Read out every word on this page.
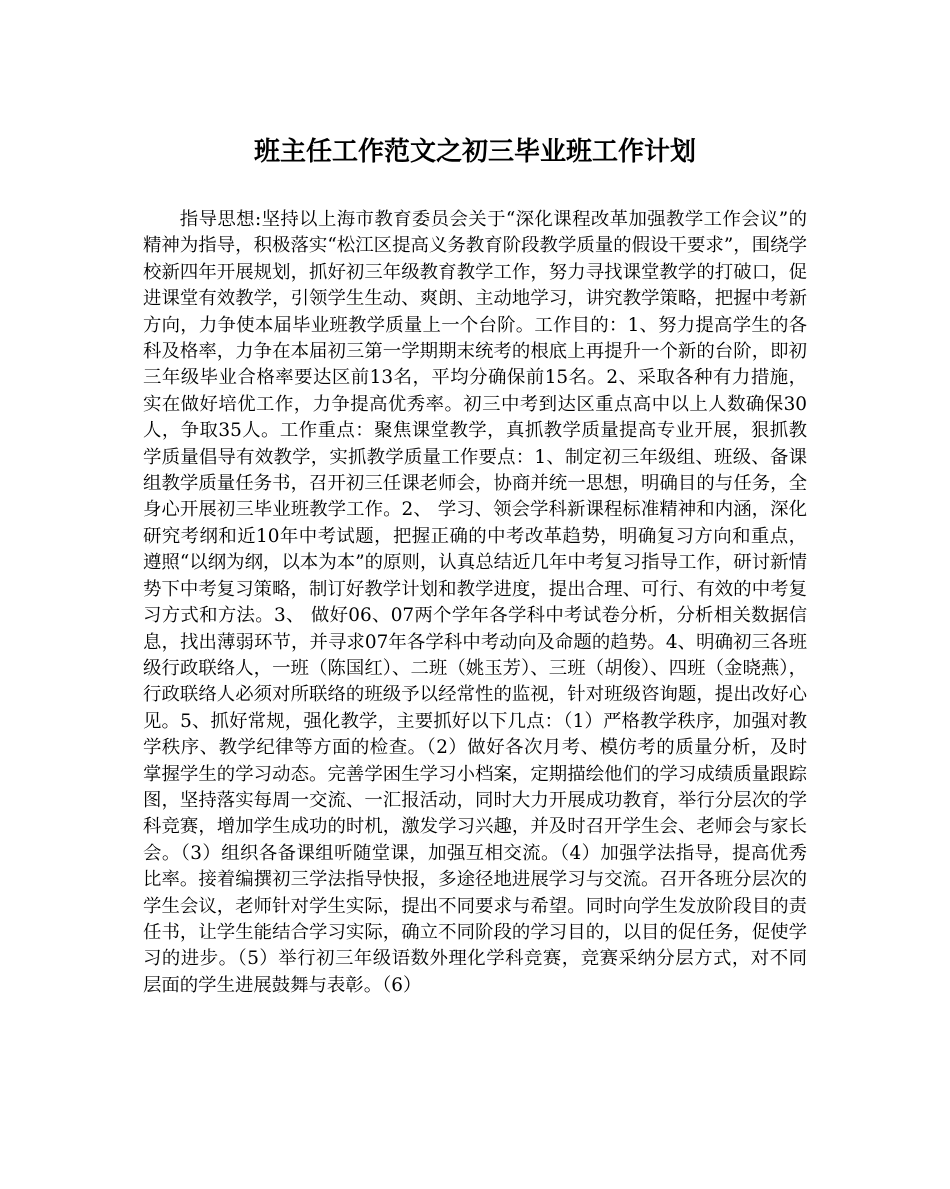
班主任工作范文之初三毕业班工作计划

指导思想:坚持以上海市教育委员会关于“深化课程改革加强教学工作会议”的精神为指导，积极落实“松江区提高义务教育阶段教学质量的假设干要求”，围绕学校新四年开展规划，抓好初三年级教育教学工作，努力寻找课堂教学的打破口，促进课堂有效教学，引领学生生动、爽朗、主动地学习，讲究教学策略，把握中考新方向，力争使本届毕业班教学质量上一个台阶。工作目的：1、努力提高学生的各科及格率，力争在本届初三第一学期期末统考的根底上再提升一个新的台阶，即初三年级毕业合格率要达区前13名，平均分确保前15名。2、采取各种有力措施，实在做好培优工作，力争提高优秀率。初三中考到达区重点高中以上人数确保30人，争取35人。工作重点：聚焦课堂教学，真抓教学质量提高专业开展，狠抓教学质量倡导有效教学，实抓教学质量工作要点：1、制定初三年级组、班级、备课组教学质量任务书，召开初三任课老师会，协商并统一思想，明确目的与任务，全身心开展初三毕业班教学工作。2、 学习、领会学科新课程标准精神和内涵，深化研究考纲和近10年中考试题，把握正确的中考改革趋势，明确复习方向和重点，遵照“以纲为纲，以本为本”的原则，认真总结近几年中考复习指导工作，研讨新情势下中考复习策略，制订好教学计划和教学进度，提出合理、可行、有效的中考复习方式和方法。3、 做好06、07两个学年各学科中考试卷分析，分析相关数据信息，找出薄弱环节，并寻求07年各学科中考动向及命题的趋势。4、明确初三各班级行政联络人，一班（陈国红）、二班（姚玉芳）、三班（胡俊）、四班（金晓燕），行政联络人必须对所联络的班级予以经常性的监视，针对班级咨询题，提出改好心见。5、抓好常规，强化教学，主要抓好以下几点：（1）严格教学秩序，加强对教学秩序、教学纪律等方面的检查。（2）做好各次月考、模仿考的质量分析，及时掌握学生的学习动态。完善学困生学习小档案，定期描绘他们的学习成绩质量跟踪图，坚持落实每周一交流、一汇报活动，同时大力开展成功教育，举行分层次的学科竞赛，增加学生成功的时机，激发学习兴趣，并及时召开学生会、老师会与家长会。（3）组织各备课组听随堂课，加强互相交流。（4）加强学法指导，提高优秀比率。接着编撰初三学法指导快报，多途径地进展学习与交流。召开各班分层次的学生会议，老师针对学生实际，提出不同要求与希望。同时向学生发放阶段目的责任书，让学生能结合学习实际，确立不同阶段的学习目的，以目的促任务，促使学习的进步。（5）举行初三年级语数外理化学科竞赛，竞赛采纳分层方式，对不同层面的学生进展鼓舞与表彰。（6）
